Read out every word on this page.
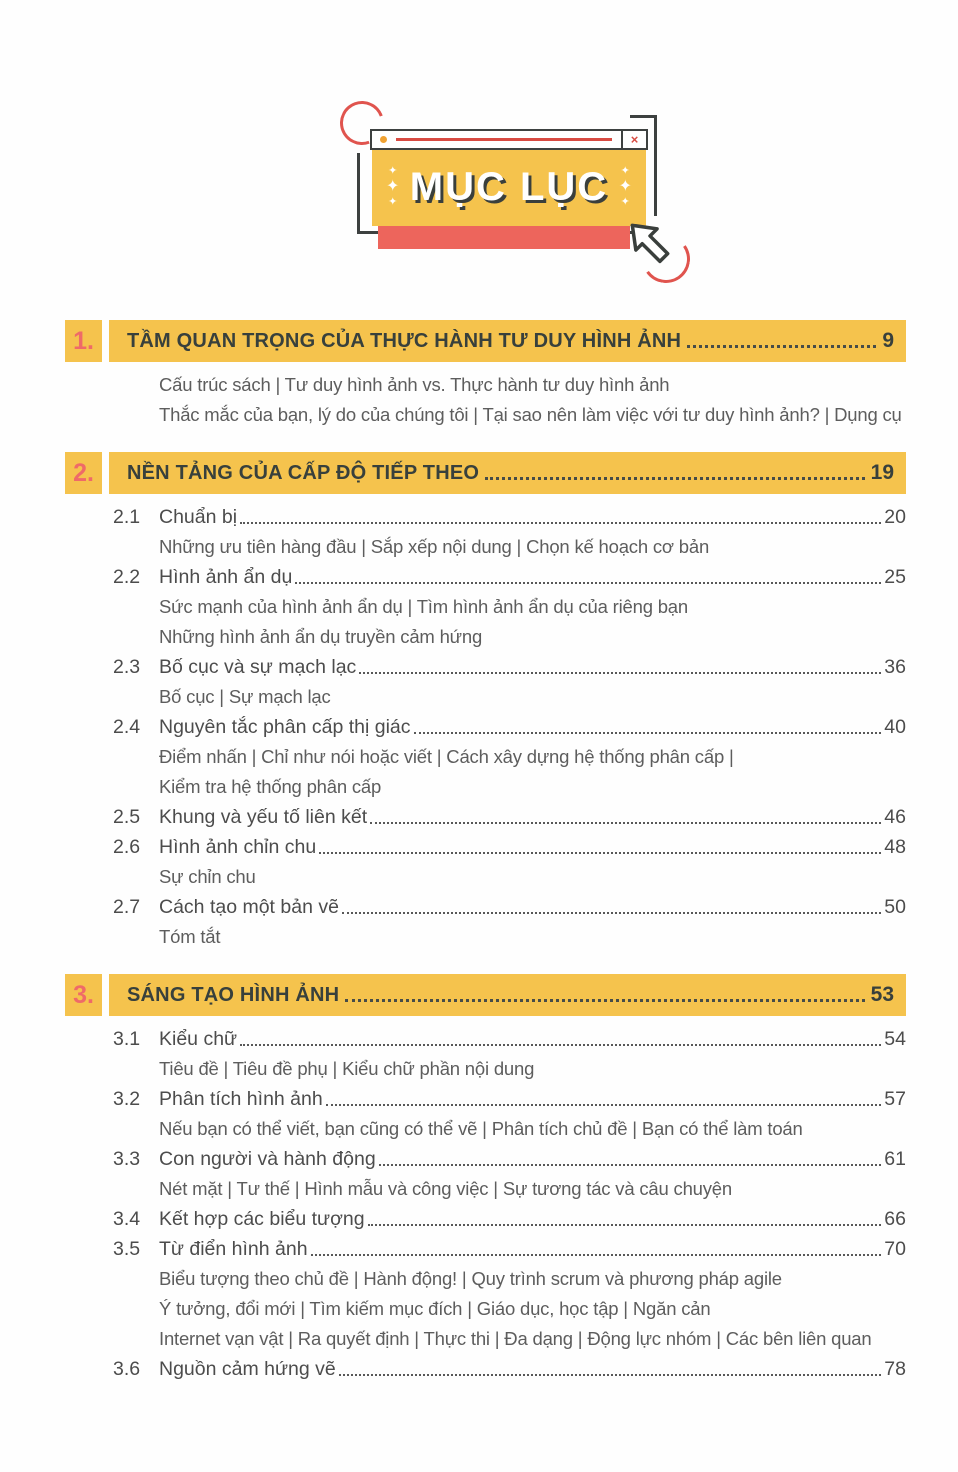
✦
✦
✦ MỤC LỤC ✦
✦
✦
×
1.	TẦM QUAN TRỌNG CỦA THỰC HÀNH TƯ DUY HÌNH ẢNH	9
Cấu trúc sách | Tư duy hình ảnh vs. Thực hành tư duy hình ảnh
Thắc mắc của bạn, lý do của chúng tôi | Tại sao nên làm việc với tư duy hình ảnh? | Dụng cụ
2.	NỀN TẢNG CỦA CẤP ĐỘ TIẾP THEO	19
2.1 Chuẩn bị	20
Những ưu tiên hàng đầu | Sắp xếp nội dung | Chọn kế hoạch cơ bản
2.2 Hình ảnh ẩn dụ	25
Sức mạnh của hình ảnh ẩn dụ | Tìm hình ảnh ẩn dụ của riêng bạn
Những hình ảnh ẩn dụ truyền cảm hứng
2.3 Bố cục và sự mạch lạc	36
Bố cục | Sự mạch lạc
2.4 Nguyên tắc phân cấp thị giác	40
Điểm nhấn | Chỉ như nói hoặc viết | Cách xây dựng hệ thống phân cấp |
Kiểm tra hệ thống phân cấp
2.5 Khung và yếu tố liên kết	46
2.6 Hình ảnh chỉn chu	48
Sự chỉn chu
2.7 Cách tạo một bản vẽ	50
Tóm tắt
3.	SÁNG TẠO HÌNH ẢNH	53
3.1 Kiểu chữ	54
Tiêu đề | Tiêu đề phụ | Kiểu chữ phần nội dung
3.2 Phân tích hình ảnh	57
Nếu bạn có thể viết, bạn cũng có thể vẽ | Phân tích chủ đề | Bạn có thể làm toán
3.3 Con người và hành động	61
Nét mặt | Tư thế | Hình mẫu và công việc | Sự tương tác và câu chuyện
3.4 Kết hợp các biểu tượng	66
3.5 Từ điển hình ảnh	70
Biểu tượng theo chủ đề | Hành động! | Quy trình scrum và phương pháp agile
Ý tưởng, đổi mới | Tìm kiếm mục đích | Giáo dục, học tập | Ngăn cản
Internet vạn vật | Ra quyết định | Thực thi | Đa dạng | Động lực nhóm | Các bên liên quan
3.6 Nguồn cảm hứng vẽ	78
